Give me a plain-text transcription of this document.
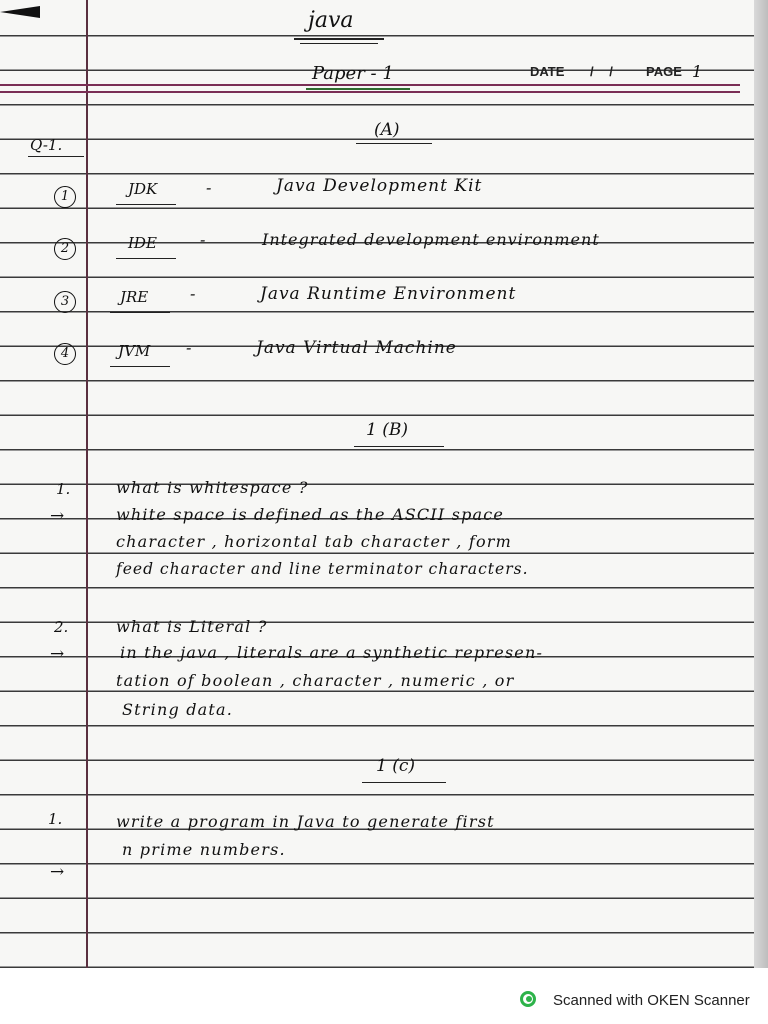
java
Paper - 1	DATE / / PAGE 1
Q-1.
(A)
1	JDK	-	Java Development Kit
2	IDE	-	Integrated development environment
3	JRE	-	Java Runtime Environment
4	JVM -	Java Virtual Machine
1 (B)
1.	what is whitespace ?
→	white space is defined as the ASCII space
character , horizontal tab character , form
feed character and line terminator characters.
2.	what is Literal ?
→	in the java , literals are a synthetic represen-
tation of boolean , character , numeric , or
String data.
1 (c)
1.	write a program in Java to generate first
n prime numbers.
→
Scanned with OKEN Scanner
